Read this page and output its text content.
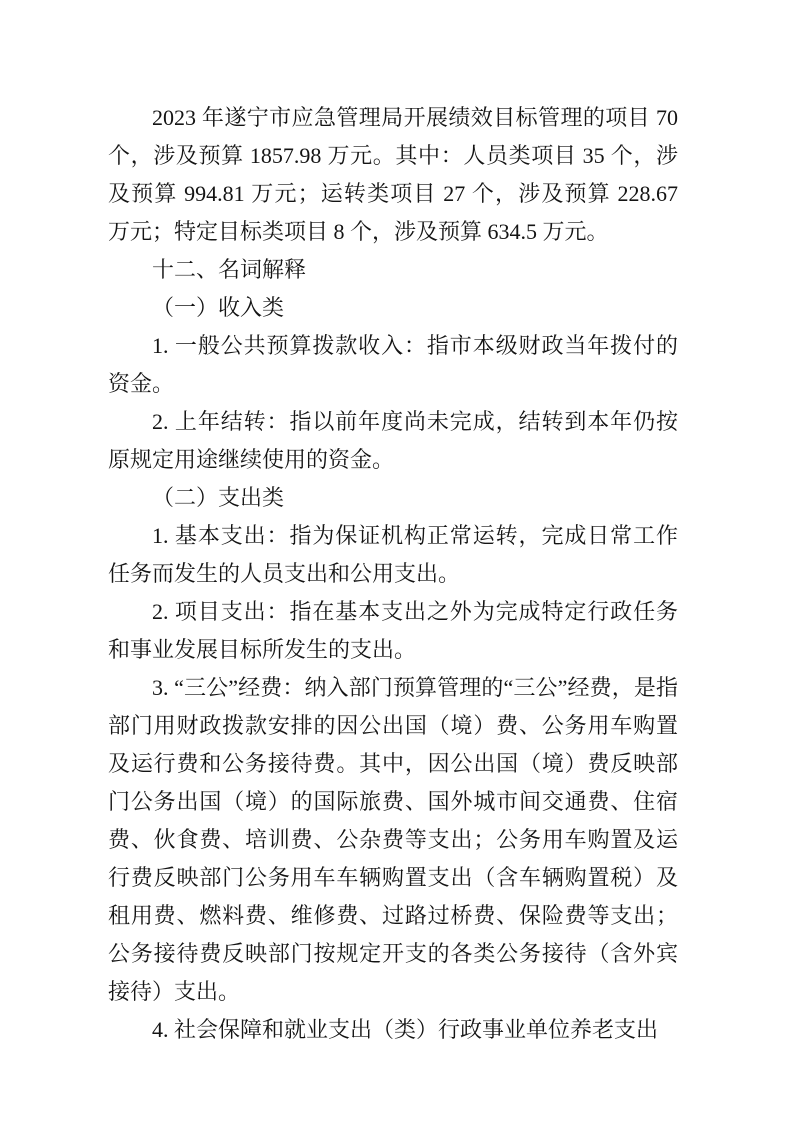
2023 年遂宁市应急管理局开展绩效目标管理的项目 70 个，涉及预算 1857.98 万元。其中：人员类项目 35 个，涉及预算 994.81 万元；运转类项目 27 个，涉及预算 228.67 万元；特定目标类项目 8 个，涉及预算 634.5 万元。

十二、名词解释

（一）收入类

1. 一般公共预算拨款收入：指市本级财政当年拨付的资金。

2. 上年结转：指以前年度尚未完成，结转到本年仍按原规定用途继续使用的资金。

（二）支出类

1. 基本支出：指为保证机构正常运转，完成日常工作任务而发生的人员支出和公用支出。

2. 项目支出：指在基本支出之外为完成特定行政任务和事业发展目标所发生的支出。

3. “三公”经费：纳入部门预算管理的“三公”经费，是指部门用财政拨款安排的因公出国（境）费、公务用车购置及运行费和公务接待费。其中，因公出国（境）费反映部门公务出国（境）的国际旅费、国外城市间交通费、住宿费、伙食费、培训费、公杂费等支出；公务用车购置及运行费反映部门公务用车车辆购置支出（含车辆购置税）及租用费、燃料费、维修费、过路过桥费、保险费等支出；公务接待费反映部门按规定开支的各类公务接待（含外宾接待）支出。

4. 社会保障和就业支出（类）行政事业单位养老支出
